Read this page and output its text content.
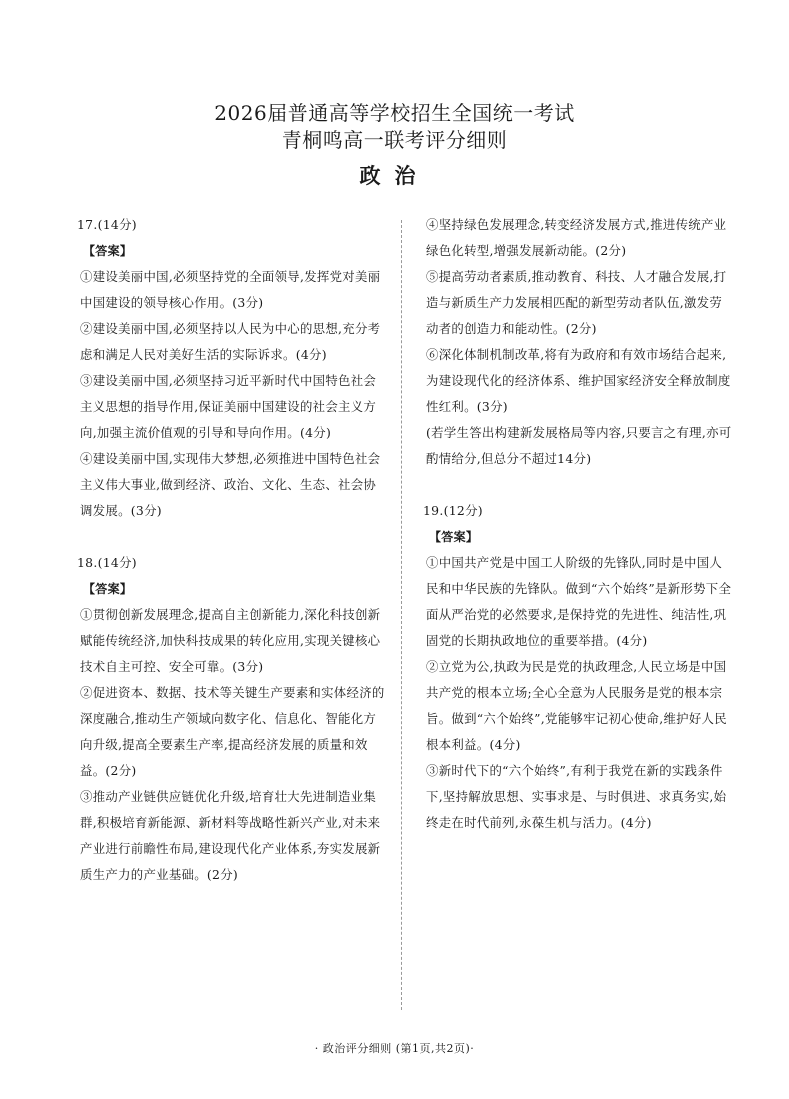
2026届普通高等学校招生全国统一考试
青桐鸣高一联考评分细则
政治
17.(14分)
【答案】
①建设美丽中国,必须坚持党的全面领导,发挥党对美丽中国建设的领导核心作用。(3分)
②建设美丽中国,必须坚持以人民为中心的思想,充分考虑和满足人民对美好生活的实际诉求。(4分)
③建设美丽中国,必须坚持习近平新时代中国特色社会主义思想的指导作用,保证美丽中国建设的社会主义方向,加强主流价值观的引导和导向作用。(4分)
④建设美丽中国,实现伟大梦想,必须推进中国特色社会主义伟大事业,做到经济、政治、文化、生态、社会协调发展。(3分)
18.(14分)
【答案】
①贯彻创新发展理念,提高自主创新能力,深化科技创新赋能传统经济,加快科技成果的转化应用,实现关键核心技术自主可控、安全可靠。(3分)
②促进资本、数据、技术等关键生产要素和实体经济的深度融合,推动生产领域向数字化、信息化、智能化方向升级,提高全要素生产率,提高经济发展的质量和效益。(2分)
③推动产业链供应链优化升级,培育壮大先进制造业集群,积极培育新能源、新材料等战略性新兴产业,对未来产业进行前瞻性布局,建设现代化产业体系,夯实发展新质生产力的产业基础。(2分)
④坚持绿色发展理念,转变经济发展方式,推进传统产业绿色化转型,增强发展新动能。(2分)
⑤提高劳动者素质,推动教育、科技、人才融合发展,打造与新质生产力发展相匹配的新型劳动者队伍,激发劳动者的创造力和能动性。(2分)
⑥深化体制机制改革,将有为政府和有效市场结合起来,为建设现代化的经济体系、维护国家经济安全释放制度性红利。(3分)
(若学生答出构建新发展格局等内容,只要言之有理,亦可酌情给分,但总分不超过14分)
19.(12分)
【答案】
①中国共产党是中国工人阶级的先锋队,同时是中国人民和中华民族的先锋队。做到“六个始终”是新形势下全面从严治党的必然要求,是保持党的先进性、纯洁性,巩固党的长期执政地位的重要举措。(4分)
②立党为公,执政为民是党的执政理念,人民立场是中国共产党的根本立场;全心全意为人民服务是党的根本宗旨。做到“六个始终”,党能够牢记初心使命,维护好人民根本利益。(4分)
③新时代下的“六个始终”,有利于我党在新的实践条件下,坚持解放思想、实事求是、与时俱进、求真务实,始终走在时代前列,永葆生机与活力。(4分)
· 政治评分细则 (第1页,共2页)·
